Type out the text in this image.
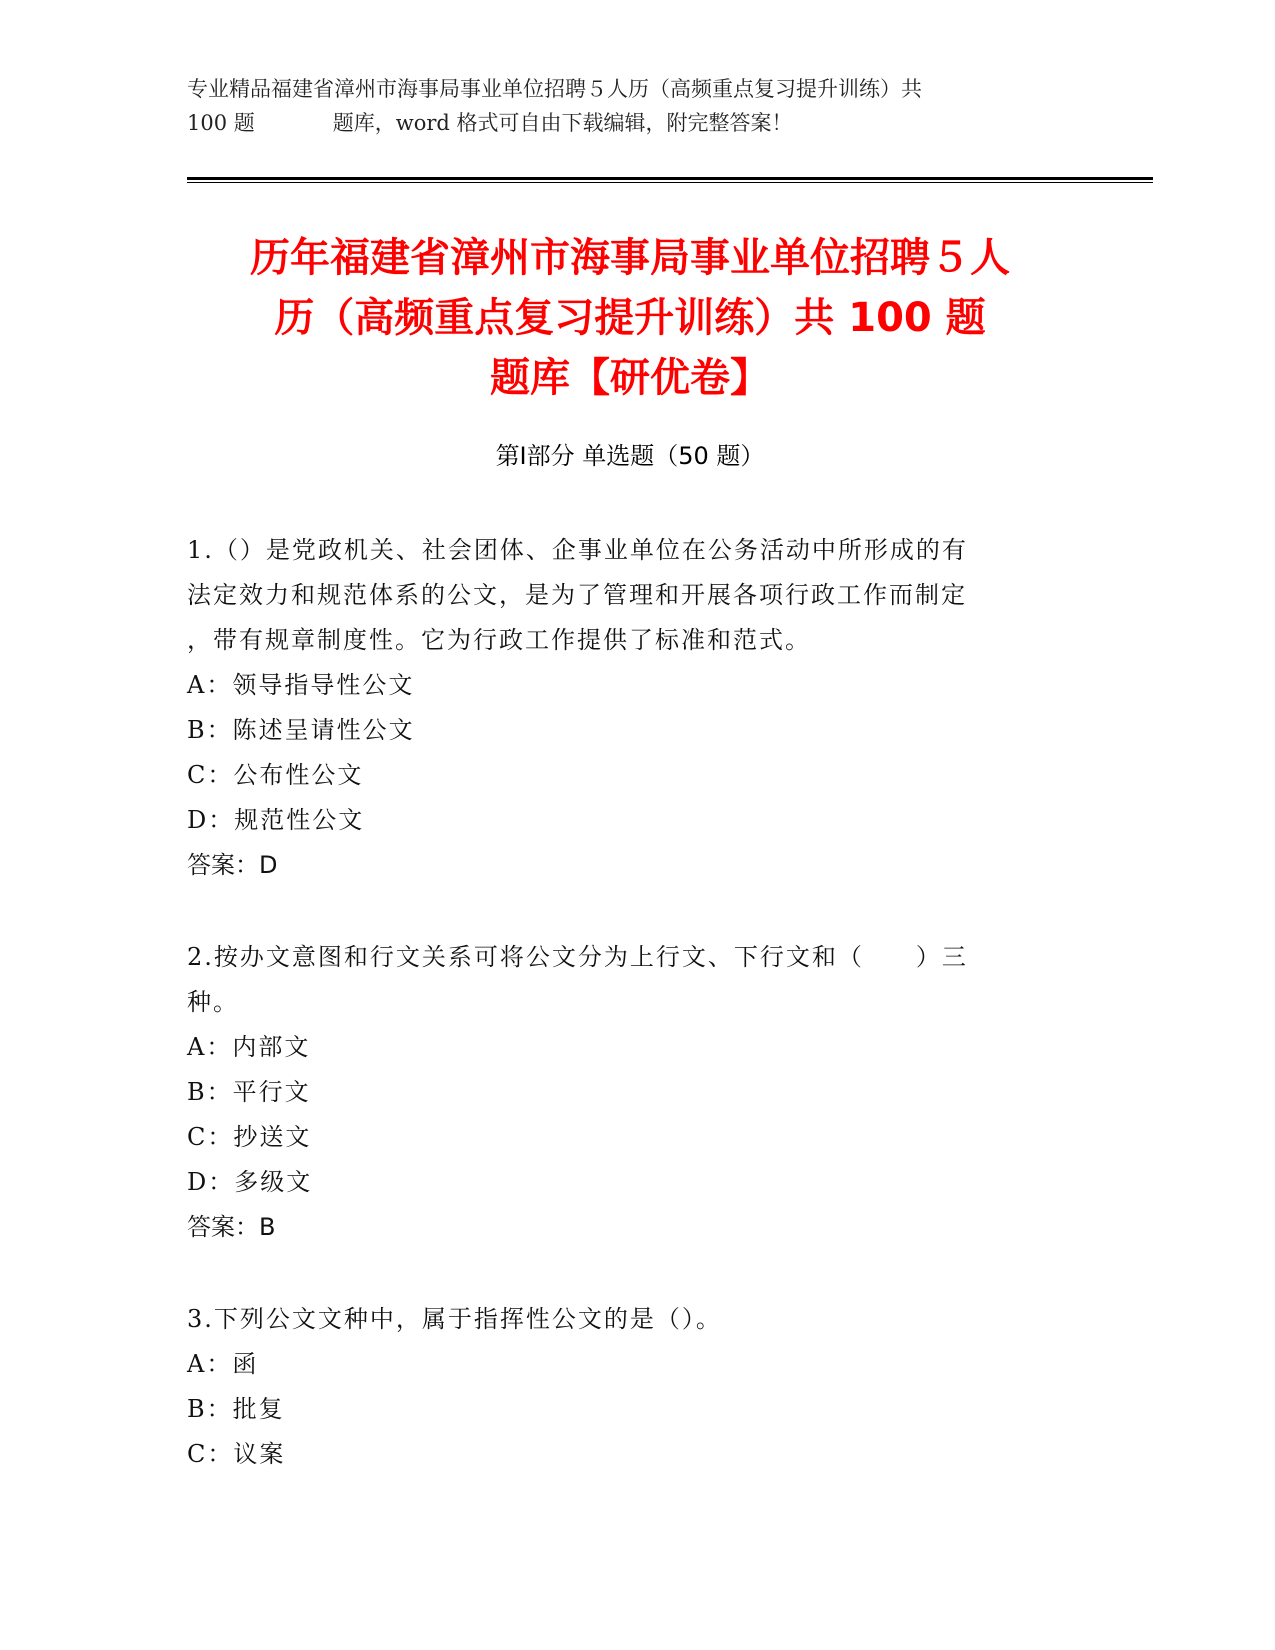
专业精品福建省漳州市海事局事业单位招聘５人历（高频重点复习提升训练）共
100 题	题库，word 格式可自由下载编辑，附完整答案！
历年福建省漳州市海事局事业单位招聘５人
历（高频重点复习提升训练）共 100 题
题库【研优卷】
第Ⅰ部分 单选题（50 题）
1.（）是党政机关、社会团体、企事业单位在公务活动中所形成的有
法定效力和规范体系的公文，是为了管理和开展各项行政工作而制定
，带有规章制度性。它为行政工作提供了标准和范式。
A：领导指导性公文
B：陈述呈请性公文
C：公布性公文
D：规范性公文
答案：D
2.按办文意图和行文关系可将公文分为上行文、下行文和（　　）三
种。
A：内部文
B：平行文
C：抄送文
D：多级文
答案：B
3.下列公文文种中，属于指挥性公文的是（）。
A：函
B：批复
C：议案
